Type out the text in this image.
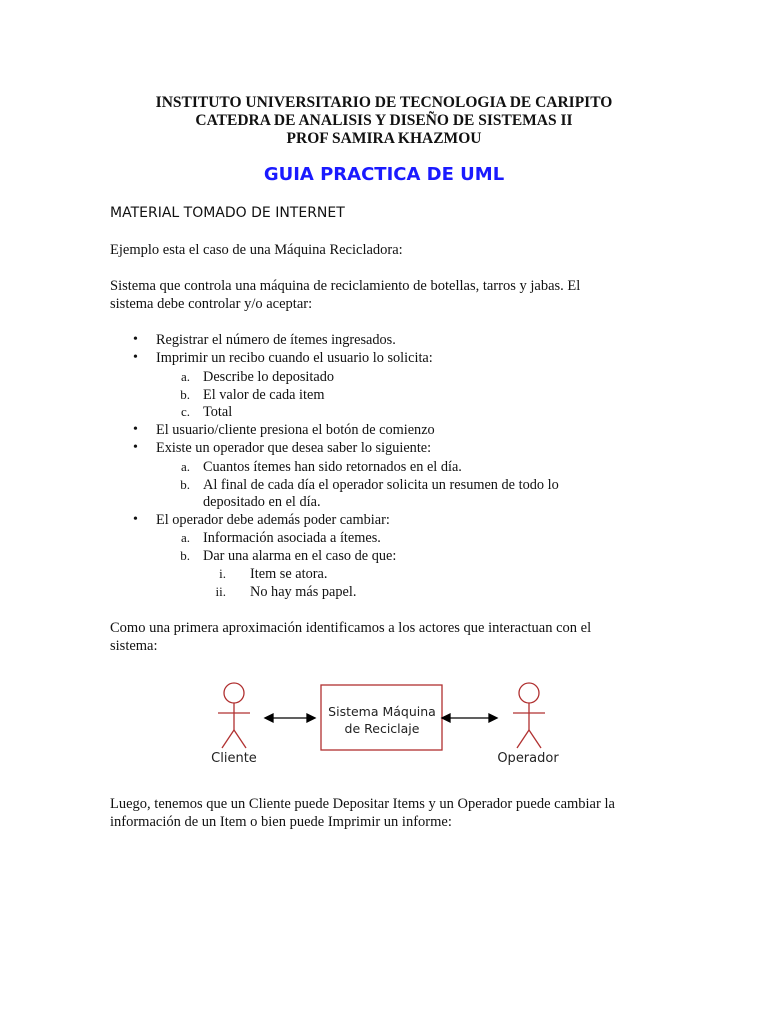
INSTITUTO UNIVERSITARIO DE TECNOLOGIA DE CARIPITO
CATEDRA DE ANALISIS Y DISEÑO DE SISTEMAS II
PROF SAMIRA KHAZMOU
GUIA PRACTICA DE UML
MATERIAL TOMADO DE INTERNET
Ejemplo esta el caso de una Máquina Recicladora:
Sistema que controla una máquina de reciclamiento de botellas, tarros y jabas. El
sistema debe controlar y/o aceptar:
• Registrar el número de ítemes ingresados.
• Imprimir un recibo cuando el usuario lo solicita:
a. Describe lo depositado
b. El valor de cada item
c. Total
• El usuario/cliente presiona el botón de comienzo
• Existe un operador que desea saber lo siguiente:
a. Cuantos ítemes han sido retornados en el día.
b. Al final de cada día el operador solicita un resumen de todo lo
depositado en el día.
• El operador debe además poder cambiar:
a. Información asociada a ítemes.
b. Dar una alarma en el caso de que:
i. Item se atora.
ii. No hay más papel.
Como una primera aproximación identificamos a los actores que interactuan con el
sistema:
Cliente
Sistema Máquina
de Reciclaje
Operador
Luego, tenemos que un Cliente puede Depositar Items y un Operador puede cambiar la
información de un Item o bien puede Imprimir un informe:
